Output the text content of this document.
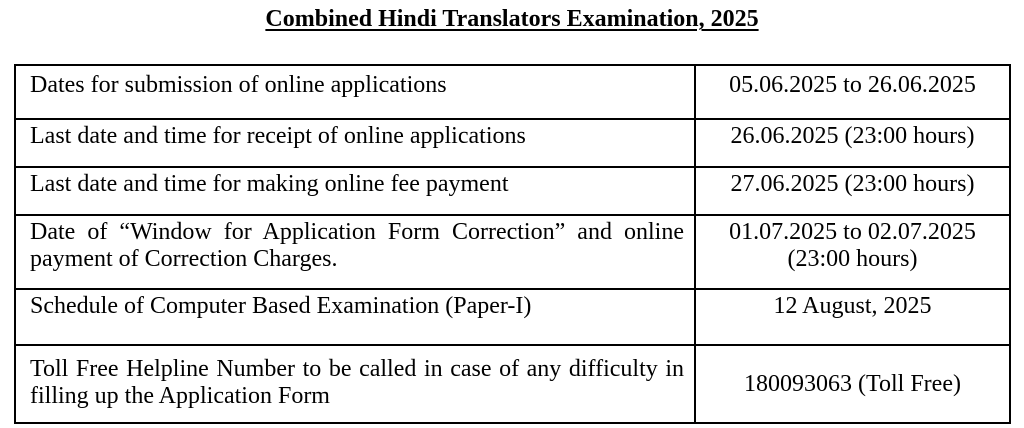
Combined Hindi Translators Examination, 2025
Dates for submission of online applications	05.06.2025 to 26.06.2025

Last date and time for receipt of online applications	26.06.2025 (23:00 hours)

Last date and time for making online fee payment	27.06.2025 (23:00 hours)

Date of “Window for Application Form Correction” and online payment of Correction Charges.	01.07.2025 to 02.07.2025 (23:00 hours)

Schedule of Computer Based Examination (Paper-I)	12 August, 2025

Toll Free Helpline Number to be called in case of any difficulty in filling up the Application Form	180093063 (Toll Free)
